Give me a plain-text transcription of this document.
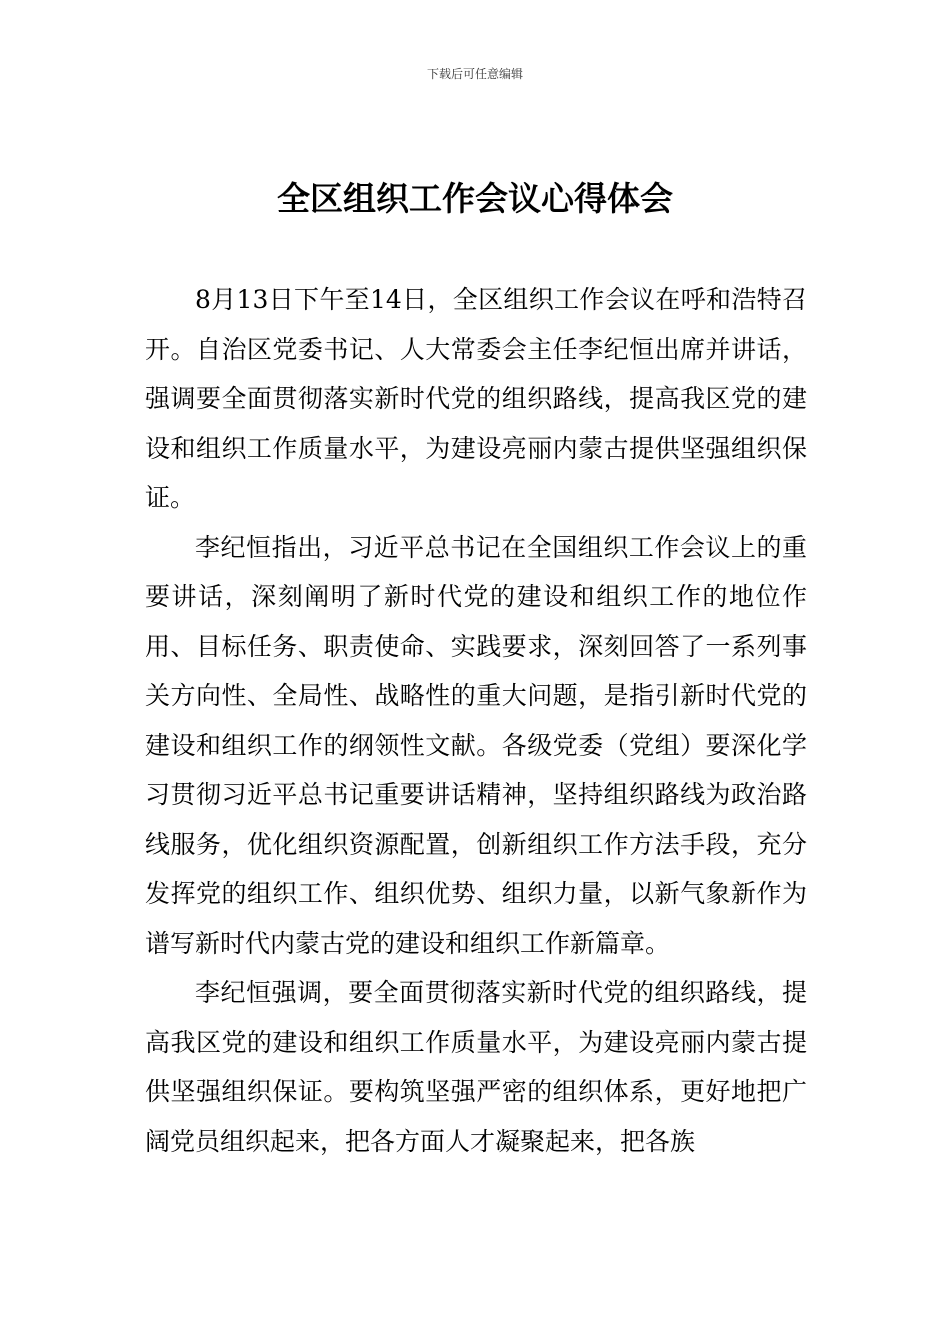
下载后可任意编辑
全区组织工作会议心得体会

8月13日下午至14日，全区组织工作会议在呼和浩特召开。自治区党委书记、人大常委会主任李纪恒出席并讲话，强调要全面贯彻落实新时代党的组织路线，提高我区党的建设和组织工作质量水平，为建设亮丽内蒙古提供坚强组织保证。

李纪恒指出，习近平总书记在全国组织工作会议上的重要讲话，深刻阐明了新时代党的建设和组织工作的地位作用、目标任务、职责使命、实践要求，深刻回答了一系列事关方向性、全局性、战略性的重大问题，是指引新时代党的建设和组织工作的纲领性文献。各级党委（党组）要深化学习贯彻习近平总书记重要讲话精神，坚持组织路线为政治路线服务，优化组织资源配置，创新组织工作方法手段，充分发挥党的组织工作、组织优势、组织力量，以新气象新作为谱写新时代内蒙古党的建设和组织工作新篇章。

李纪恒强调，要全面贯彻落实新时代党的组织路线，提高我区党的建设和组织工作质量水平，为建设亮丽内蒙古提供坚强组织保证。要构筑坚强严密的组织体系，更好地把广阔党员组织起来，把各方面人才凝聚起来，把各族
